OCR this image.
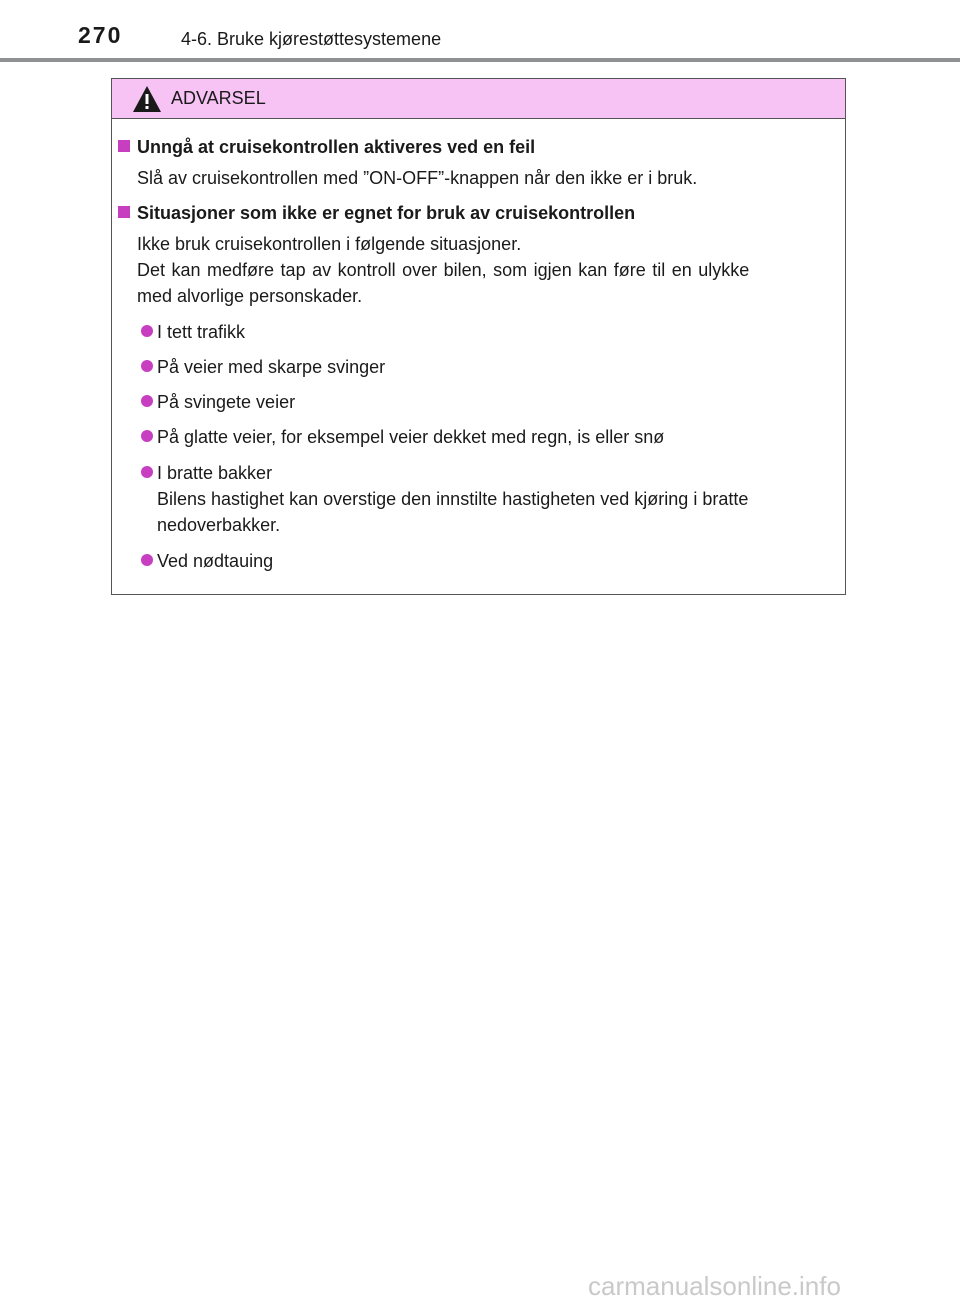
270	4-6. Bruke kjørestøttesystemene
ADVARSEL
Unngå at cruisekontrollen aktiveres ved en feil
Slå av cruisekontrollen med ”ON-OFF”-knappen når den ikke er i bruk.
Situasjoner som ikke er egnet for bruk av cruisekontrollen
Ikke bruk cruisekontrollen i følgende situasjoner.
Det kan medføre tap av kontroll over bilen, som igjen kan føre til en ulykke
med alvorlige personskader.
I tett trafikk
På veier med skarpe svinger
På svingete veier
På glatte veier, for eksempel veier dekket med regn, is eller snø
I bratte bakker
Bilens hastighet kan overstige den innstilte hastigheten ved kjøring i bratte
nedoverbakker.
Ved nødtauing
carmanualsonline.info
